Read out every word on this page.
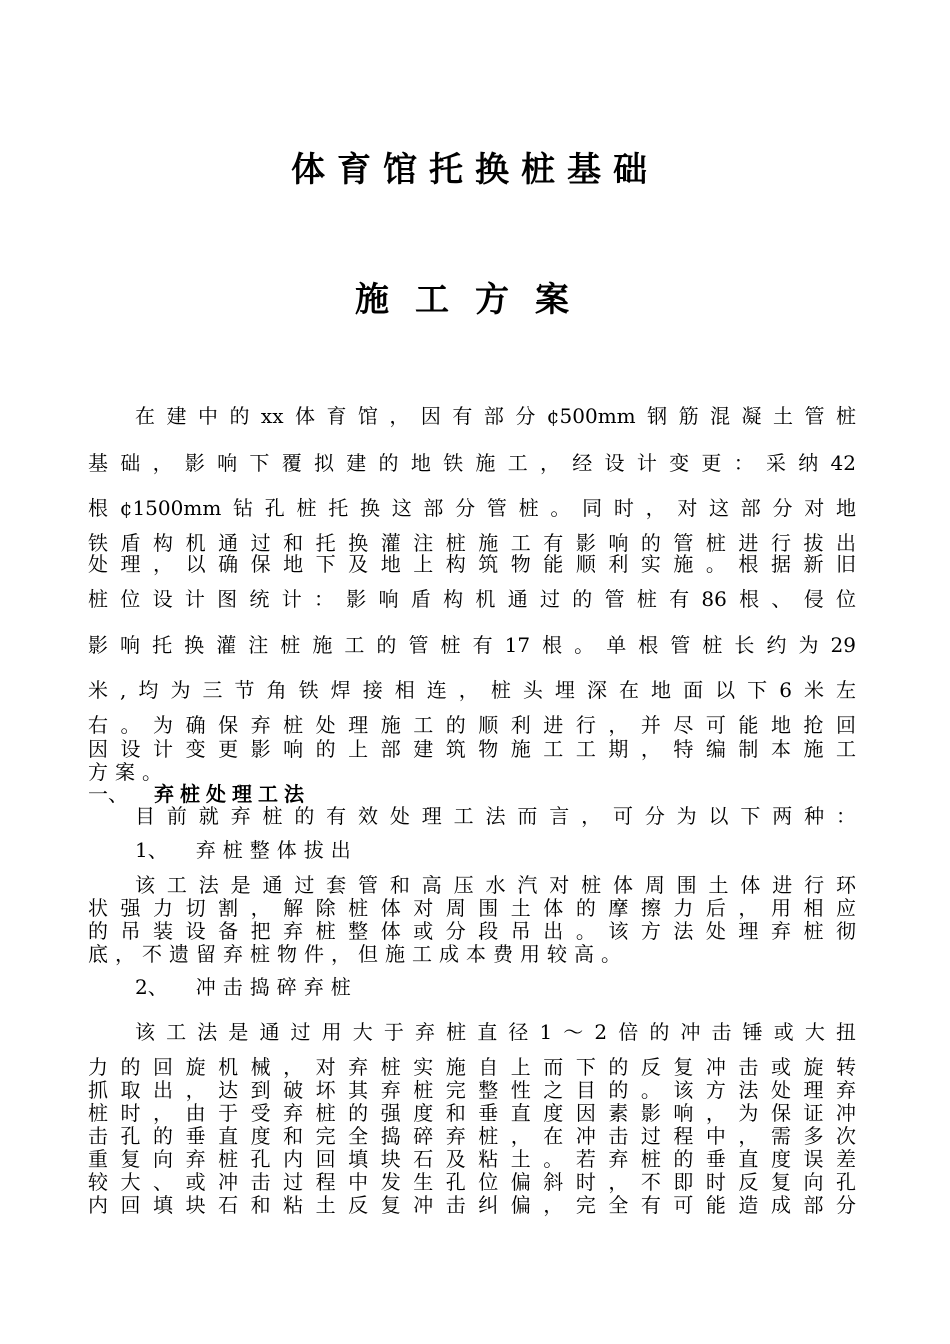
体育馆托换桩基础
施工方案
在建中的xx体育馆，因有部分¢500mm钢筋混凝土管桩
基础，影响下覆拟建的地铁施工，经设计变更：采纳42
根¢1500mm钻孔桩托换这部分管桩。同时，对这部分对地
铁盾构机通过和托换灌注桩施工有影响的管桩进行拔出
处理，以确保地下及地上构筑物能顺利实施。根据新旧
桩位设计图统计：影响盾构机通过的管桩有86根、侵位
影响托换灌注桩施工的管桩有17根。单根管桩长约为29
米,均为三节角铁焊接相连，桩头埋深在地面以下6米左
右。为确保弃桩处理施工的顺利进行，并尽可能地抢回
因设计变更影响的上部建筑物施工工期，特编制本施工
方案。
一、 弃桩处理工法
目前就弃桩的有效处理工法而言，可分为以下两种：
1、 弃桩整体拔出
该工法是通过套管和高压水汽对桩体周围土体进行环
状强力切割，解除桩体对周围土体的摩擦力后，用相应
的吊装设备把弃桩整体或分段吊出。该方法处理弃桩彻
底，不遗留弃桩物件，但施工成本费用较高。
2、 冲击捣碎弃桩
该工法是通过用大于弃桩直径1～2倍的冲击锤或大扭
力的回旋机械，对弃桩实施自上而下的反复冲击或旋转
抓取出，达到破坏其弃桩完整性之目的。该方法处理弃
桩时，由于受弃桩的强度和垂直度因素影响，为保证冲
击孔的垂直度和完全捣碎弃桩，在冲击过程中，需多次
重复向弃桩孔内回填块石及粘土。若弃桩的垂直度误差
较大、或冲击过程中发生孔位偏斜时，不即时反复向孔
内回填块石和粘土反复冲击纠偏，完全有可能造成部分
